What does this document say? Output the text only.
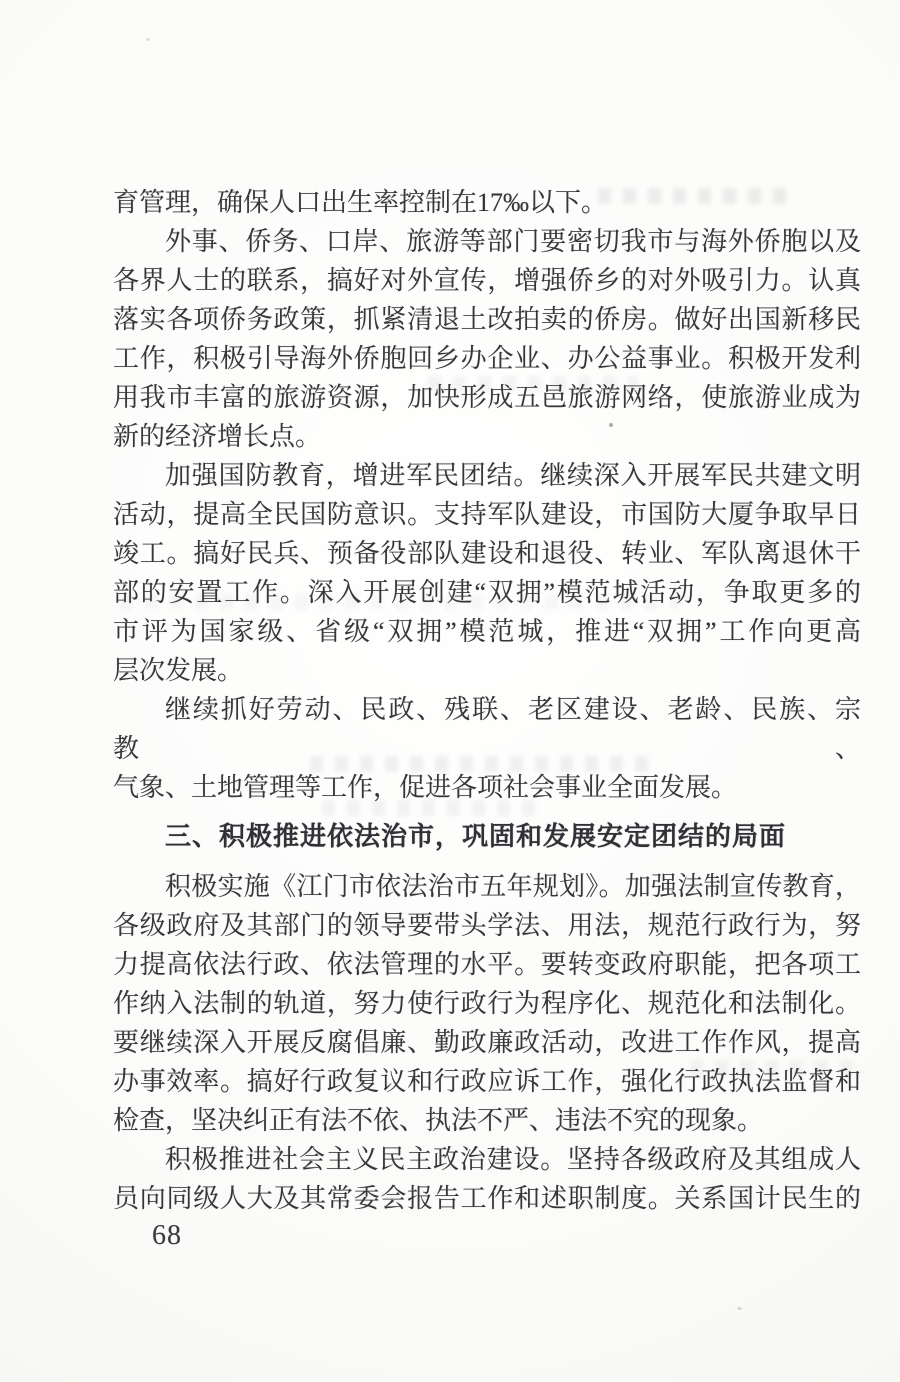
育管理，确保人口出生率控制在17‰以下。

外事、侨务、口岸、旅游等部门要密切我市与海外侨胞以及

各界人士的联系，搞好对外宣传，增强侨乡的对外吸引力。认真

落实各项侨务政策，抓紧清退土改拍卖的侨房。做好出国新移民

工作，积极引导海外侨胞回乡办企业、办公益事业。积极开发利

用我市丰富的旅游资源，加快形成五邑旅游网络，使旅游业成为

新的经济增长点。

加强国防教育，增进军民团结。继续深入开展军民共建文明

活动，提高全民国防意识。支持军队建设，市国防大厦争取早日

竣工。搞好民兵、预备役部队建设和退役、转业、军队离退休干

部的安置工作。深入开展创建“双拥”模范城活动，争取更多的

市评为国家级、省级“双拥”模范城，推进“双拥”工作向更高

层次发展。

继续抓好劳动、民政、残联、老区建设、老龄、民族、宗教、

气象、土地管理等工作，促进各项社会事业全面发展。

三、积极推进依法治市，巩固和发展安定团结的局面

积极实施《江门市依法治市五年规划》。加强法制宣传教育，

各级政府及其部门的领导要带头学法、用法，规范行政行为，努

力提高依法行政、依法管理的水平。要转变政府职能，把各项工

作纳入法制的轨道，努力使行政行为程序化、规范化和法制化。

要继续深入开展反腐倡廉、勤政廉政活动，改进工作作风，提高

办事效率。搞好行政复议和行政应诉工作，强化行政执法监督和

检查，坚决纠正有法不依、执法不严、违法不究的现象。

积极推进社会主义民主政治建设。坚持各级政府及其组成人

员向同级人大及其常委会报告工作和述职制度。关系国计民生的

68
